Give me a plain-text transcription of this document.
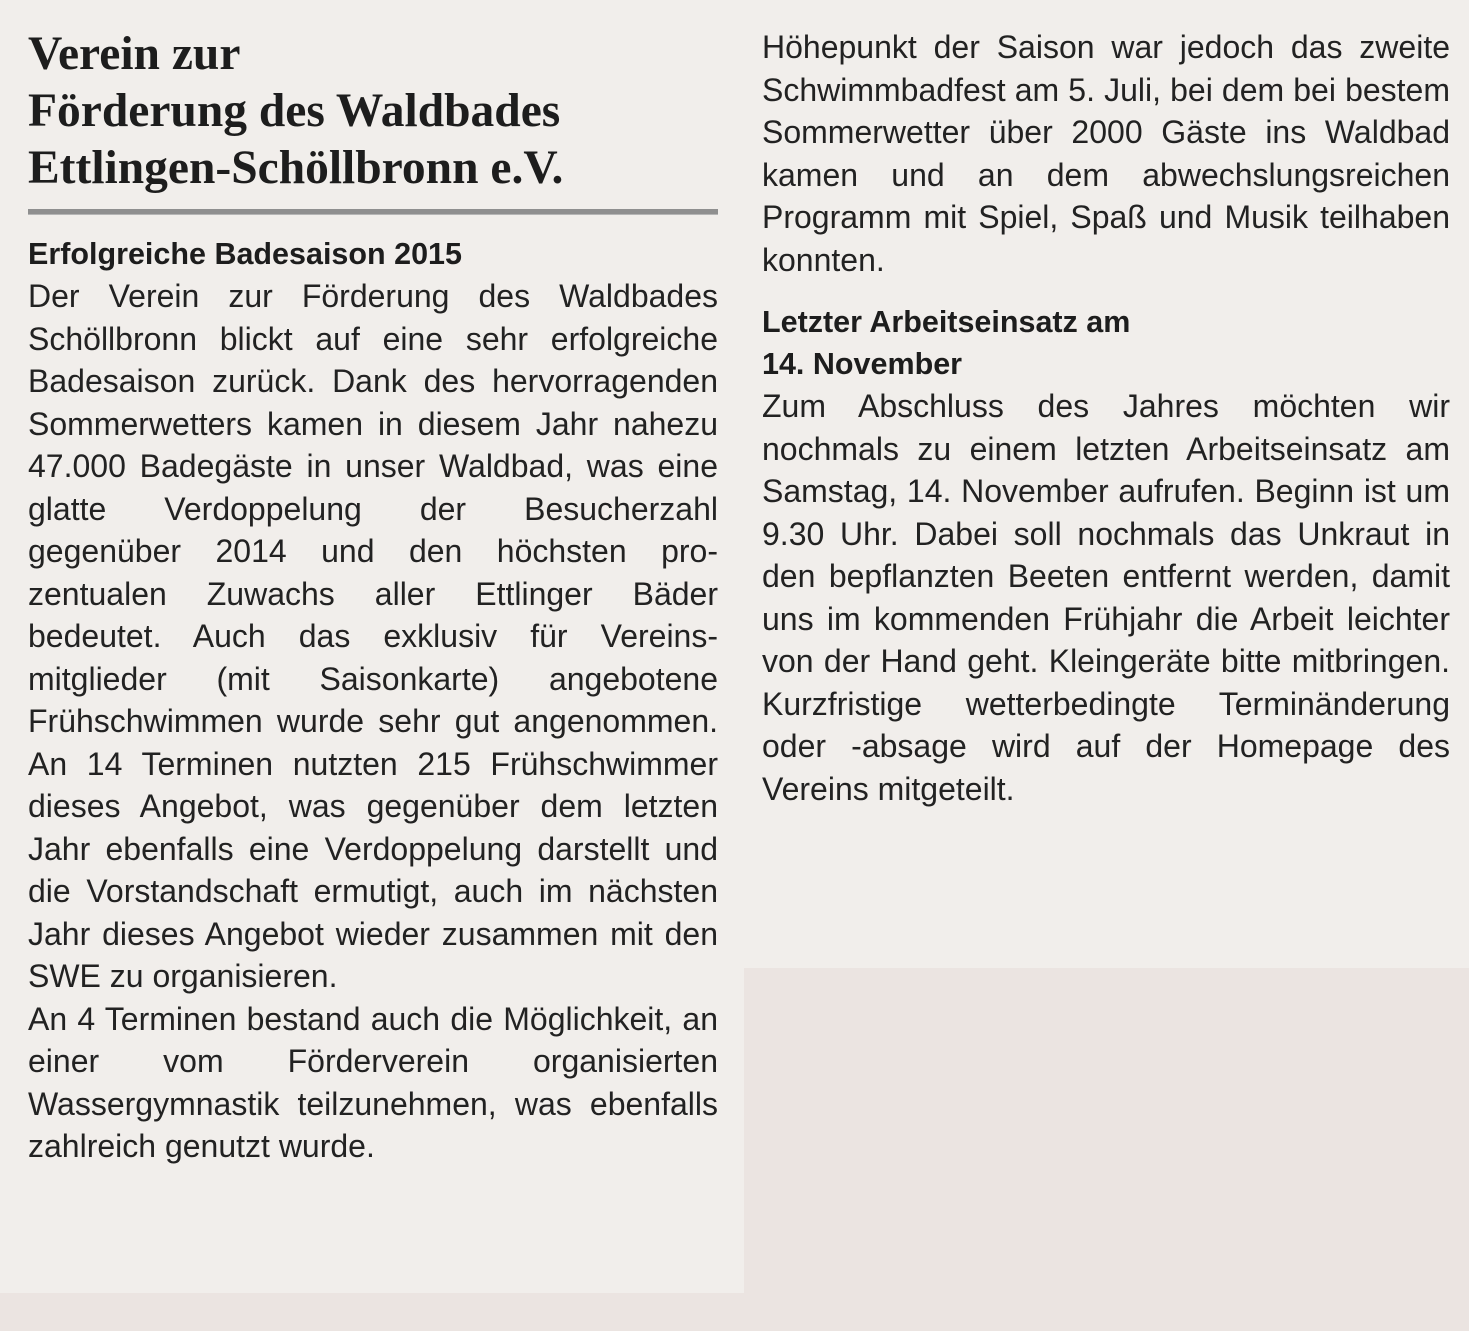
Verein zur
Förderung des Waldbades
Ettlingen-Schöllbronn e.V.
Erfolgreiche Badesaison 2015

Der Verein zur Förderung des Waldbades Schöllbronn blickt auf eine sehr erfolgreiche Badesaison zurück. Dank des hervorragenden Sommerwetters kamen in diesem Jahr nahezu 47.000 Badegäste in unser Waldbad, was eine glatte Verdoppelung der Besucherzahl gegenüber 2014 und den höchsten prozentualen Zuwachs aller Ettlinger Bäder bedeutet. Auch das exklusiv für Vereinsmitglieder (mit Saisonkarte) angebotene Frühschwimmen wurde sehr gut angenommen. An 14 Terminen nutzten 215 Frühschwimmer dieses Angebot, was gegenüber dem letzten Jahr ebenfalls eine Verdoppelung darstellt und die Vorstandschaft ermutigt, auch im nächsten Jahr dieses Angebot wieder zusammen mit den SWE zu organisieren.

An 4 Terminen bestand auch die Möglichkeit, an einer vom Förderverein organisierten Wassergymnastik teilzunehmen, was ebenfalls zahlreich genutzt wurde.

Höhepunkt der Saison war jedoch das zweite Schwimmbadfest am 5. Juli, bei dem bei bestem Sommerwetter über 2000 Gäste ins Waldbad kamen und an dem abwechslungsreichen Programm mit Spiel, Spaß und Musik teilhaben konnten.

Letzter Arbeitseinsatz am
14. November

Zum Abschluss des Jahres möchten wir nochmals zu einem letzten Arbeitseinsatz am Samstag, 14. November aufrufen. Beginn ist um 9.30 Uhr. Dabei soll nochmals das Unkraut in den bepflanzten Beeten entfernt werden, damit uns im kommenden Frühjahr die Arbeit leichter von der Hand geht. Kleingeräte bitte mitbringen. Kurzfristige wetterbedingte Terminänderung oder -absage wird auf der Homepage des Vereins mitgeteilt.
